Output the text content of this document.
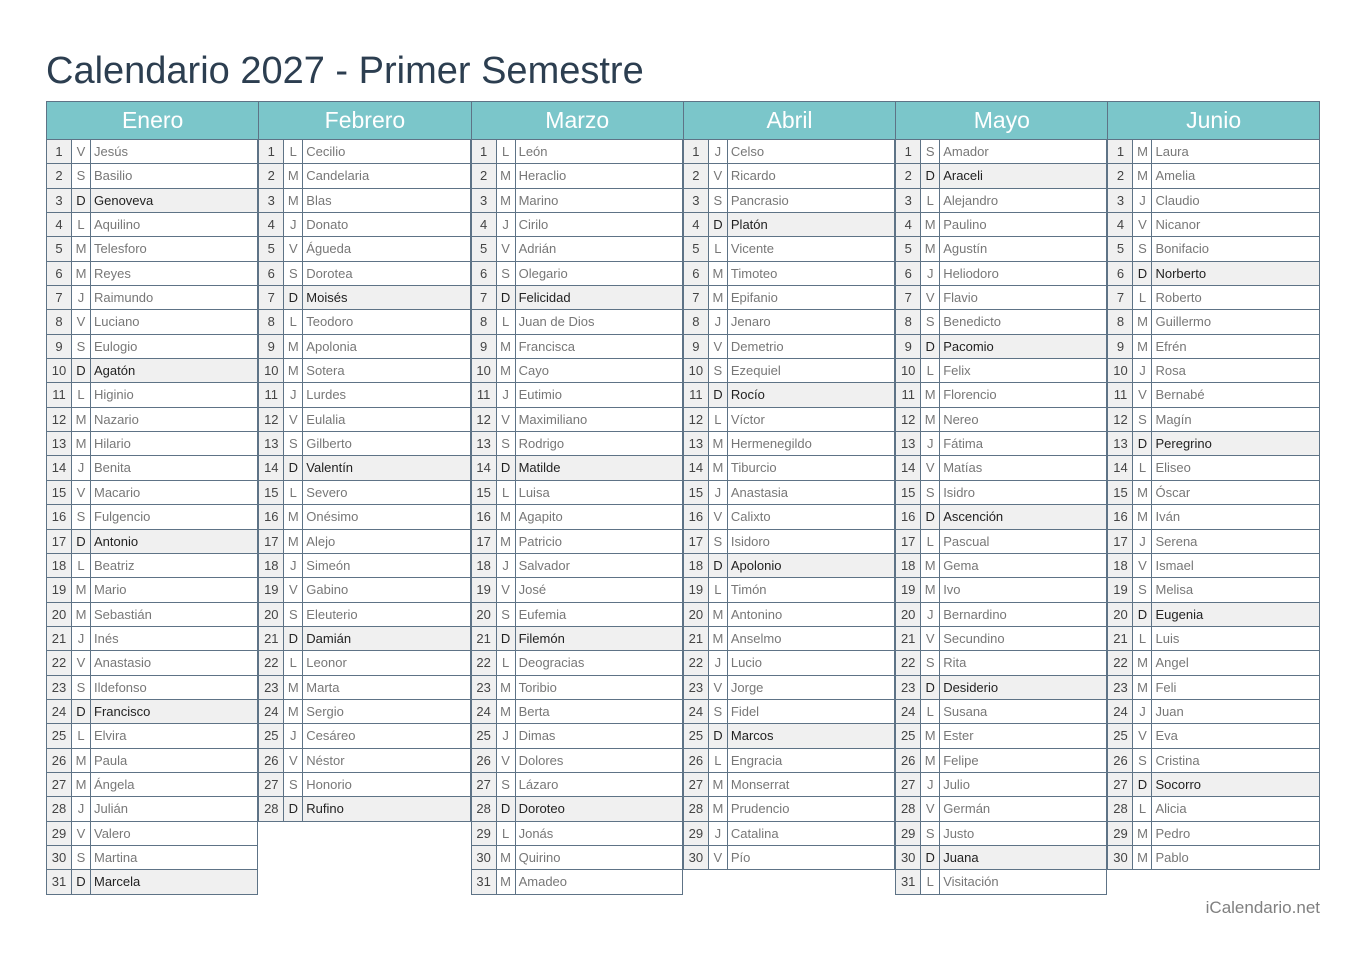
Calendario 2027 - Primer Semestre
Enero
1	V Jesús
2	S Basilio
3	D Genoveva
4	L Aquilino
5 M Telesforo
6 M Reyes
7	J Raimundo
8	V Luciano
9	S Eulogio
10 D Agatón
11 L Higinio
12 M Nazario
13 M Hilario
14 J Benita
15 V Macario
16 S Fulgencio
17 D Antonio
18 L Beatriz
19 M Mario
20 M Sebastián
21 J Inés
22 V Anastasio
23 S Ildefonso
24 D Francisco
25 L Elvira
26 M Paula
27 M Ángela
28 J Julián
29 V Valero
30 S Martina
31 D Marcela
Febrero
1	L Cecilio
2 M Candelaria
3 M Blas
4	J Donato
5	V Águeda
6	S Dorotea
7	D Moisés
8	L Teodoro
9 M Apolonia
10 M Sotera
11 J Lurdes
12 V Eulalia
13 S Gilberto
14 D Valentín
15 L Severo
16 M Onésimo
17 M Alejo
18 J Simeón
19 V Gabino
20 S Eleuterio
21 D Damián
22 L Leonor
23 M Marta
24 M Sergio
25 J Cesáreo
26 V Néstor
27 S Honorio
28 D Rufino
Marzo
1	L León
2 M Heraclio
3 M Marino
4	J Cirilo
5	V Adrián
6	S Olegario
7	D Felicidad
8	L Juan de Dios
9 M Francisca
10 M Cayo
11 J Eutimio
12 V Maximiliano
13 S Rodrigo
14 D Matilde
15 L Luisa
16 M Agapito
17 M Patricio
18 J Salvador
19 V José
20 S Eufemia
21 D Filemón
22 L Deogracias
23 M Toribio
24 M Berta
25 J Dimas
26 V Dolores
27 S Lázaro
28 D Doroteo
29 L Jonás
30 M Quirino
31 M Amadeo
Abril
1	J Celso
2	V Ricardo
3	S Pancrasio
4	D Platón
5	L Vicente
6 M Timoteo
7 M Epifanio
8	J Jenaro
9	V Demetrio
10 S Ezequiel
11 D Rocío
12 L Víctor
13 M Hermenegildo
14 M Tiburcio
15 J Anastasia
16 V Calixto
17 S Isidoro
18 D Apolonio
19 L Timón
20 M Antonino
21 M Anselmo
22 J Lucio
23 V Jorge
24 S Fidel
25 D Marcos
26 L Engracia
27 M Monserrat
28 M Prudencio
29 J Catalina
30 V Pío
Mayo
1	S Amador
2	D Araceli
3	L Alejandro
4 M Paulino
5 M Agustín
6	J Heliodoro
7	V Flavio
8	S Benedicto
9	D Pacomio
10 L Felix
11 M Florencio
12 M Nereo
13 J Fátima
14 V Matías
15 S Isidro
16 D Ascención
17 L Pascual
18 M Gema
19 M Ivo
20 J Bernardino
21 V Secundino
22 S Rita
23 D Desiderio
24 L Susana
25 M Ester
26 M Felipe
27 J Julio
28 V Germán
29 S Justo
30 D Juana
31 L Visitación
Junio
1 M Laura
2 M Amelia
3	J Claudio
4	V Nicanor
5	S Bonifacio
6	D Norberto
7	L Roberto
8 M Guillermo
9 M Efrén
10 J Rosa
11 V Bernabé
12 S Magín
13 D Peregrino
14 L Eliseo
15 M Óscar
16 M Iván
17 J Serena
18 V Ismael
19 S Melisa
20 D Eugenia
21 L Luis
22 M Angel
23 M Feli
24 J Juan
25 V Eva
26 S Cristina
27 D Socorro
28 L Alicia
29 M Pedro
30 M Pablo
iCalendario.net
